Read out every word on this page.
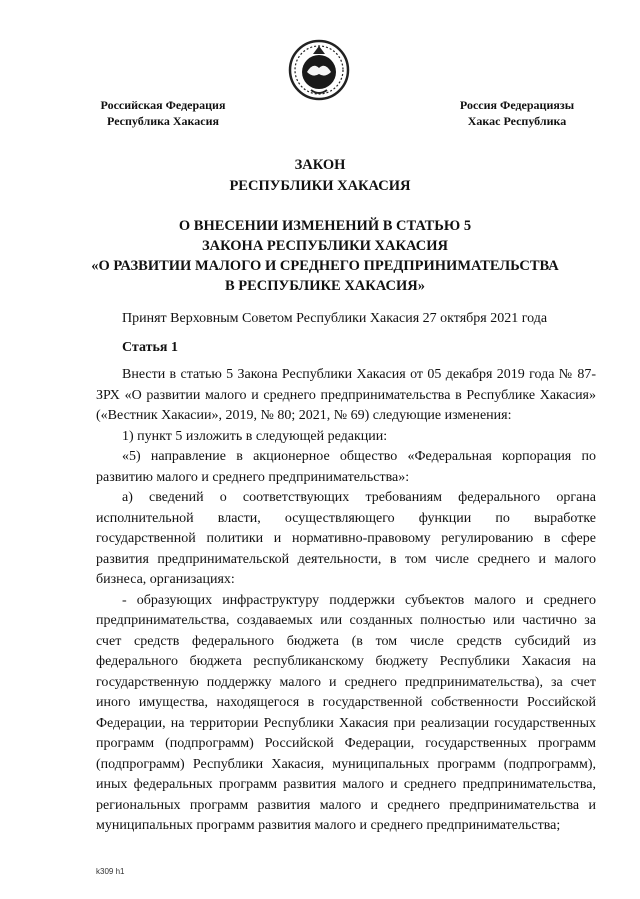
Российская Федерация
Республика Хакасия
Россия Федерациязы
Хакас Республика
ЗАКОН
РЕСПУБЛИКИ ХАКАСИЯ
О ВНЕСЕНИИ ИЗМЕНЕНИЙ В СТАТЬЮ 5
ЗАКОНА РЕСПУБЛИКИ ХАКАСИЯ
«О РАЗВИТИИ МАЛОГО И СРЕДНЕГО ПРЕДПРИНИМАТЕЛЬСТВА
В РЕСПУБЛИКЕ ХАКАСИЯ»
Принят Верховным Советом Республики Хакасия 27 октября 2021 года
Статья 1

Внести в статью 5 Закона Республики Хакасия от 05 декабря 2019 года № 87-ЗРХ «О развитии малого и среднего предпринимательства в Республике Хакасия» («Вестник Хакасии», 2019, № 80; 2021, № 69) следующие изменения:

1) пункт 5 изложить в следующей редакции:

«5) направление в акционерное общество «Федеральная корпорация по развитию малого и среднего предпринимательства»:

а) сведений о соответствующих требованиям федерального органа исполнительной власти, осуществляющего функции по выработке государственной политики и нормативно-правовому регулированию в сфере развития предпринимательской деятельности, в том числе среднего и малого бизнеса, организациях:

- образующих инфраструктуру поддержки субъектов малого и среднего предпринимательства, создаваемых или созданных полностью или частично за счет средств федерального бюджета (в том числе средств субсидий из федерального бюджета республиканскому бюджету Республики Хакасия на государственную поддержку малого и среднего предпринимательства), за счет иного имущества, находящегося в государственной собственности Российской Федерации, на территории Республики Хакасия при реализации государственных программ (подпрограмм) Российской Федерации, государственных программ (подпрограмм) Республики Хакасия, муниципальных программ (подпрограмм), иных федеральных программ развития малого и среднего предпринимательства, региональных программ развития малого и среднего предпринимательства и муниципальных программ развития малого и среднего предпринимательства;

k309 h1
